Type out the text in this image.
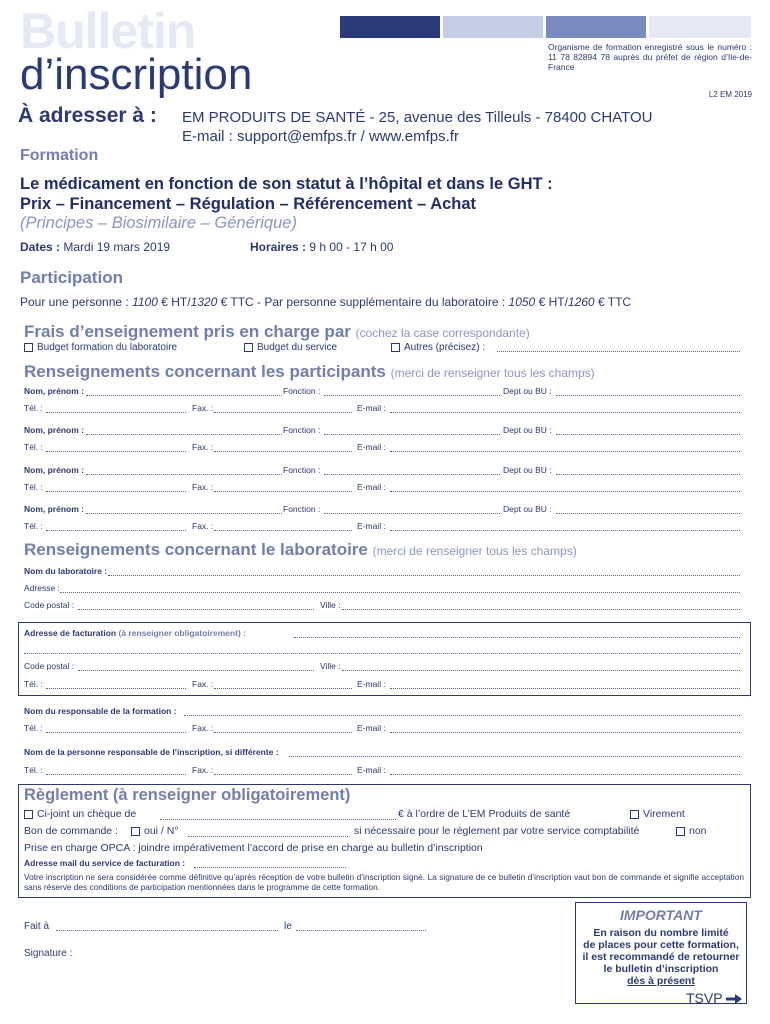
Bulletin
d’inscription
Organisme de formation enregistré sous le numéro : 11 78 82894 78 auprès du préfet de région d’Ile-de-France
L2 EM 2019
À adresser à : EM PRODUITS DE SANTÉ - 25, avenue des Tilleuls - 78400 CHATOU
E-mail : support@emfps.fr / www.emfps.fr
Formation
Le médicament en fonction de son statut à l’hôpital et dans le GHT :
Prix – Financement – Régulation – Référencement – Achat
(Principes – Biosimilaire – Générique)
Dates : Mardi 19 mars 2019	Horaires : 9 h 00 - 17 h 00
Participation
Pour une personne : 1100 € HT/1320 € TTC - Par personne supplémentaire du laboratoire : 1050 € HT/1260 € TTC
Frais d’enseignement pris en charge par (cochez la case correspondante)
Budget formation du laboratoire	Budget du service	Autres (précisez) :
Renseignements concernant les participants (merci de renseigner tous les champs)
Nom, prénom :	Fonction :	Dept ou BU :
Tél. :	Fax. :	E-mail :
Nom, prénom :	Fonction :	Dept ou BU :
Tél. :	Fax. :	E-mail :
Nom, prénom :	Fonction :	Dept ou BU :
Tél. :	Fax. :	E-mail :
Nom, prénom :	Fonction :	Dept ou BU :
Tél. :	Fax. :	E-mail :
Renseignements concernant le laboratoire (merci de renseigner tous les champs)
Nom du laboratoire :
Adresse :
Code postal :	Ville :
Adresse de facturation (à renseigner obligatoirement) :
Code postal :	Ville :
Tél. :	Fax. :	E-mail :
Nom du responsable de la formation :
Tél. :	Fax. :	E-mail :
Nom de la personne responsable de l’inscription, si différente :
Tél. :	Fax. :	E-mail :
Règlement (à renseigner obligatoirement)
Ci-joint un chèque de	€ à l’ordre de L’EM Produits de santé	Virement
Bon de commande :	oui / N°	si nécessaire pour le règlement par votre service comptabilité	non
Prise en charge OPCA : joindre impérativement l’accord de prise en charge au bulletin d’inscription
Adresse mail du service de facturation :
Votre inscription ne sera considérée comme définitive qu’après réception de votre bulletin d’inscription signé. La signature de ce bulletin d’inscription vaut bon de commande et signifie acceptation sans réserve des conditions de participation mentionnées dans le programme de cette formation.
Fait à	le
Signature :
IMPORTANT
En raison du nombre limité
de places pour cette formation,
il est recommandé de retourner
le bulletin d’inscription
dès à présent
TSVP
